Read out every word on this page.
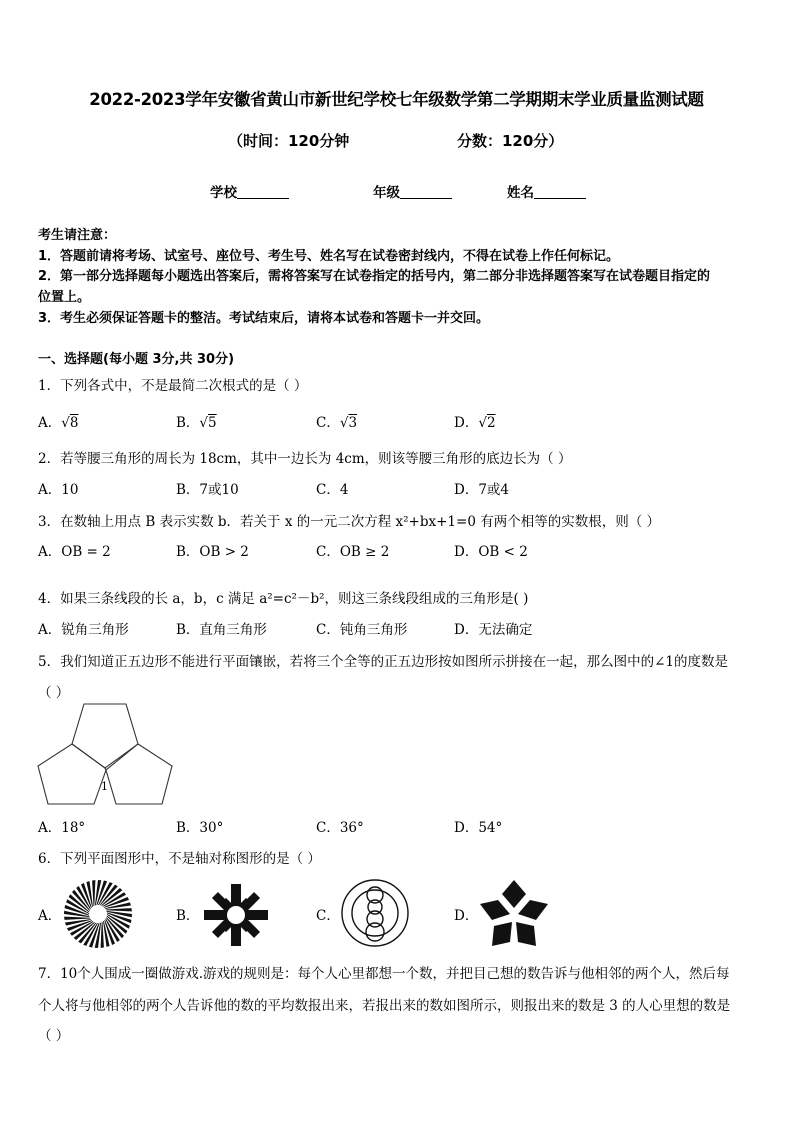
2022-2023学年安徽省黄山市新世纪学校七年级数学第二学期期末学业质量监测试题
（时间：120分钟	分数：120分）
学校	年级	姓名
考生请注意：
1．答题前请将考场、试室号、座位号、考生号、姓名写在试卷密封线内，不得在试卷上作任何标记。
2．第一部分选择题每小题选出答案后，需将答案写在试卷指定的括号内，第二部分非选择题答案写在试卷题目指定的
位置上。
3．考生必须保证答题卡的整洁。考试结束后，请将本试卷和答题卡一并交回。
一、选择题(每小题 3分,共 30分)
1．下列各式中，不是最简二次根式的是（ ）
A．√8	B．√5	C．√3	D．√2
2．若等腰三角形的周长为 18cm，其中一边长为 4cm，则该等腰三角形的底边长为（ ）
A．10	B．7或10	C．4	D．7或4
3．在数轴上用点 B 表示实数 b．若关于 x 的一元二次方程 x²+bx+1=0 有两个相等的实数根，则（ ）
A．OB = 2	B．OB > 2	C．OB ≥ 2	D．OB < 2
4．如果三条线段的长 a，b，c 满足 a²=c²－b²，则这三条线段组成的三角形是( )
A．锐角三角形	B．直角三角形	C．钝角三角形	D．无法确定
5．我们知道正五边形不能进行平面镶嵌，若将三个全等的正五边形按如图所示拼接在一起，那么图中的∠1的度数是
（ ）
1
A．18°	B．30°	C．36°	D．54°
6．下列平面图形中，不是轴对称图形的是（ ）
A．	B．	C．	D．
7．10个人围成一圈做游戏.游戏的规则是：每个人心里都想一个数，并把目己想的数告诉与他相邻的两个人，然后每
个人将与他相邻的两个人告诉他的数的平均数报出来，若报出来的数如图所示，则报出来的数是 3 的人心里想的数是
（ ）
